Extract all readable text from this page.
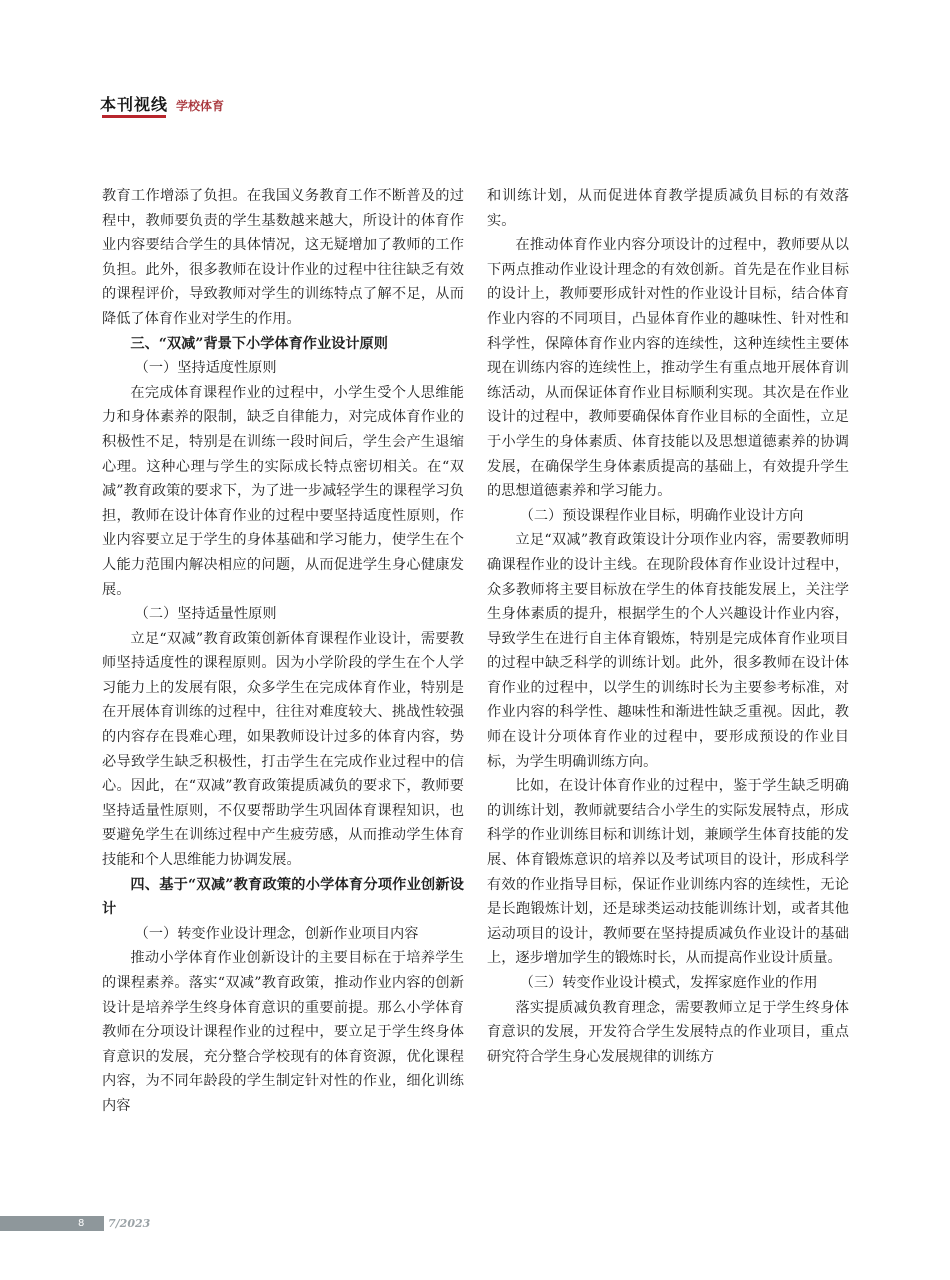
本刊视线 学校体育

教育工作增添了负担。在我国义务教育工作不断普及的过程中，教师要负责的学生基数越来越大，所设计的体育作业内容要结合学生的具体情况，这无疑增加了教师的工作负担。此外，很多教师在设计作业的过程中往往缺乏有效的课程评价，导致教师对学生的训练特点了解不足，从而降低了体育作业对学生的作用。

三、“双减”背景下小学体育作业设计原则

（一）坚持适度性原则

在完成体育课程作业的过程中，小学生受个人思维能力和身体素养的限制，缺乏自律能力，对完成体育作业的积极性不足，特别是在训练一段时间后，学生会产生退缩心理。这种心理与学生的实际成长特点密切相关。在“双减”教育政策的要求下，为了进一步减轻学生的课程学习负担，教师在设计体育作业的过程中要坚持适度性原则，作业内容要立足于学生的身体基础和学习能力，使学生在个人能力范围内解决相应的问题，从而促进学生身心健康发展。

（二）坚持适量性原则

立足“双减”教育政策创新体育课程作业设计，需要教师坚持适度性的课程原则。因为小学阶段的学生在个人学习能力上的发展有限，众多学生在完成体育作业，特别是在开展体育训练的过程中，往往对难度较大、挑战性较强的内容存在畏难心理，如果教师设计过多的体育内容，势必导致学生缺乏积极性，打击学生在完成作业过程中的信心。因此，在“双减”教育政策提质减负的要求下，教师要坚持适量性原则，不仅要帮助学生巩固体育课程知识，也要避免学生在训练过程中产生疲劳感，从而推动学生体育技能和个人思维能力协调发展。

四、基于“双减”教育政策的小学体育分项作业创新设计

（一）转变作业设计理念，创新作业项目内容

推动小学体育作业创新设计的主要目标在于培养学生的课程素养。落实“双减”教育政策，推动作业内容的创新设计是培养学生终身体育意识的重要前提。那么小学体育教师在分项设计课程作业的过程中，要立足于学生终身体育意识的发展，充分整合学校现有的体育资源，优化课程内容，为不同年龄段的学生制定针对性的作业，细化训练内容

和训练计划，从而促进体育教学提质减负目标的有效落实。

在推动体育作业内容分项设计的过程中，教师要从以下两点推动作业设计理念的有效创新。首先是在作业目标的设计上，教师要形成针对性的作业设计目标，结合体育作业内容的不同项目，凸显体育作业的趣味性、针对性和科学性，保障体育作业内容的连续性，这种连续性主要体现在训练内容的连续性上，推动学生有重点地开展体育训练活动，从而保证体育作业目标顺利实现。其次是在作业设计的过程中，教师要确保体育作业目标的全面性，立足于小学生的身体素质、体育技能以及思想道德素养的协调发展，在确保学生身体素质提高的基础上，有效提升学生的思想道德素养和学习能力。

（二）预设课程作业目标，明确作业设计方向

立足“双减”教育政策设计分项作业内容，需要教师明确课程作业的设计主线。在现阶段体育作业设计过程中，众多教师将主要目标放在学生的体育技能发展上，关注学生身体素质的提升，根据学生的个人兴趣设计作业内容，导致学生在进行自主体育锻炼，特别是完成体育作业项目的过程中缺乏科学的训练计划。此外，很多教师在设计体育作业的过程中，以学生的训练时长为主要参考标准，对作业内容的科学性、趣味性和渐进性缺乏重视。因此，教师在设计分项体育作业的过程中，要形成预设的作业目标，为学生明确训练方向。

比如，在设计体育作业的过程中，鉴于学生缺乏明确的训练计划，教师就要结合小学生的实际发展特点，形成科学的作业训练目标和训练计划，兼顾学生体育技能的发展、体育锻炼意识的培养以及考试项目的设计，形成科学有效的作业指导目标，保证作业训练内容的连续性，无论是长跑锻炼计划，还是球类运动技能训练计划，或者其他运动项目的设计，教师要在坚持提质减负作业设计的基础上，逐步增加学生的锻炼时长，从而提高作业设计质量。

（三）转变作业设计模式，发挥家庭作业的作用

落实提质减负教育理念，需要教师立足于学生终身体育意识的发展，开发符合学生发展特点的作业项目，重点研究符合学生身心发展规律的训练方

8 7/2023
